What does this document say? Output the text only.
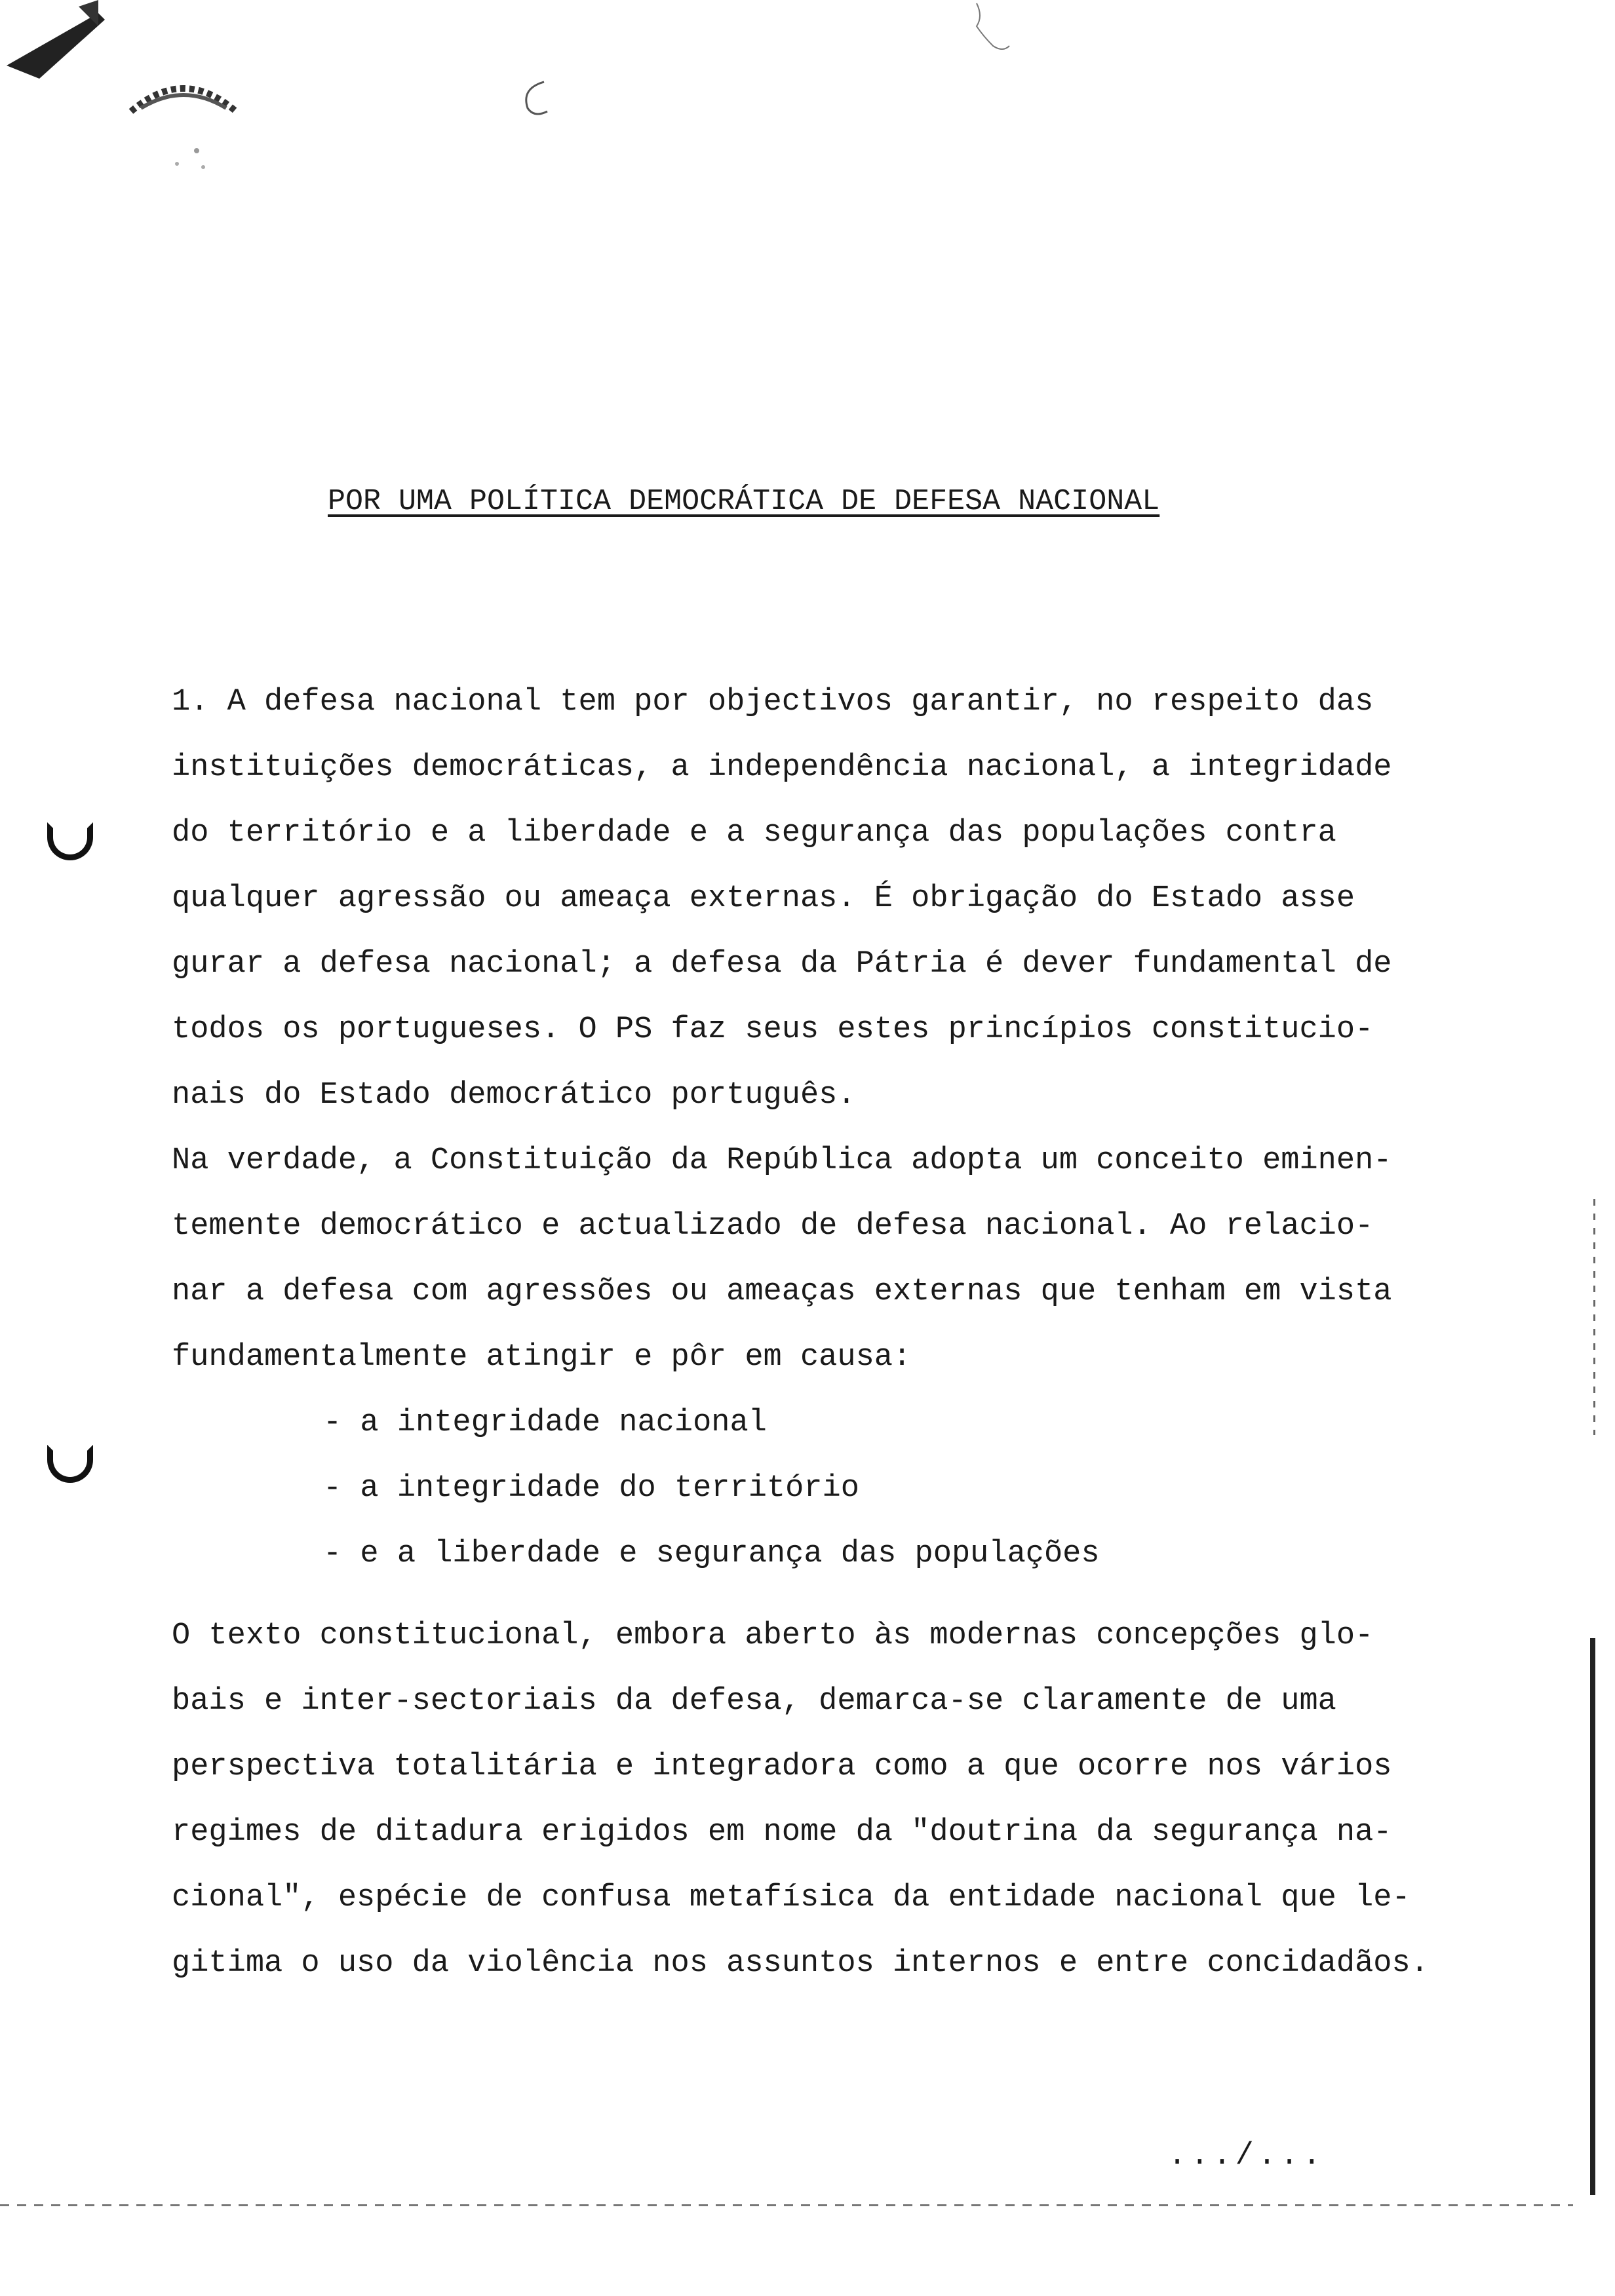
POR UMA POLÍTICA DEMOCRÁTICA DE DEFESA NACIONAL
1. A defesa nacional tem por objectivos garantir, no respeito das
instituições democráticas, a independência nacional, a integridade
do território e a liberdade e a segurança das populações contra
qualquer agressão ou ameaça externas. É obrigação do Estado asse
gurar a defesa nacional; a defesa da Pátria é dever fundamental de
todos os portugueses. O PS faz seus estes princípios constitucio-
nais do Estado democrático português.
Na verdade, a Constituição da República adopta um conceito eminen-
temente democrático e actualizado de defesa nacional. Ao relacio-
nar a defesa com agressões ou ameaças externas que tenham em vista
fundamentalmente atingir e pôr em causa:
- a integridade nacional
- a integridade do território
- e a liberdade e segurança das populações
O texto constitucional, embora aberto às modernas concepções glo-
bais e inter-sectoriais da defesa, demarca-se claramente de uma
perspectiva totalitária e integradora como a que ocorre nos vários
regimes de ditadura erigidos em nome da "doutrina da segurança na-
cional", espécie de confusa metafísica da entidade nacional que le-
gitima o uso da violência nos assuntos internos e entre concidadãos.
.../...
